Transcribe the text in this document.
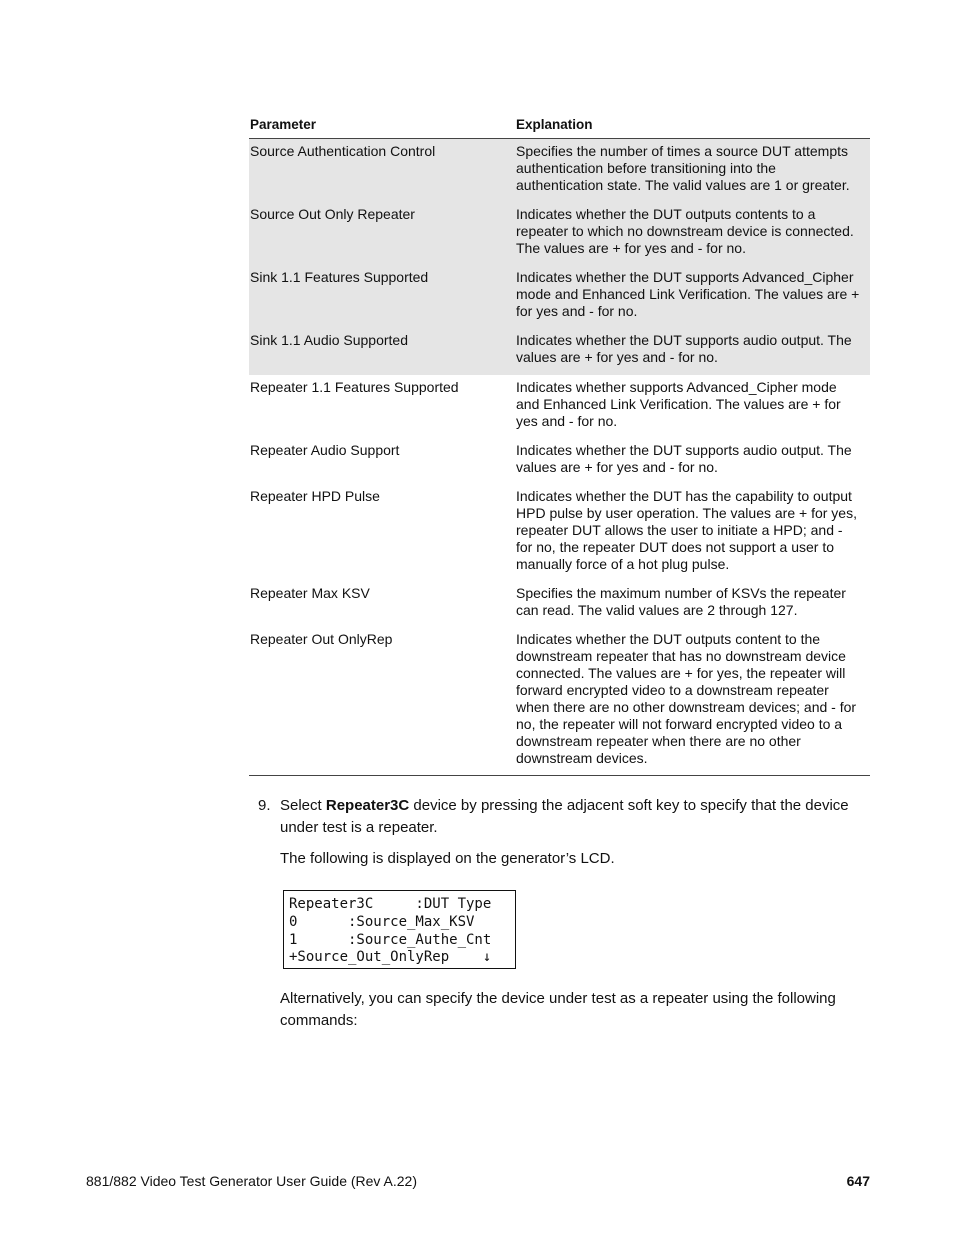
Parameter	Explanation
Source Authentication Control	Specifies the number of times a source DUT attempts authentication before transitioning into the authentication state. The valid values are 1 or greater.
Source Out Only Repeater	Indicates whether the DUT outputs contents to a repeater to which no downstream device is connected. The values are + for yes and - for no.
Sink 1.1 Features Supported	Indicates whether the DUT supports Advanced_Cipher mode and Enhanced Link Verification. The values are + for yes and - for no.
Sink 1.1 Audio Supported	Indicates whether the DUT supports audio output. The values are + for yes and - for no.
Repeater 1.1 Features Supported	Indicates whether supports Advanced_Cipher mode and Enhanced Link Verification. The values are + for yes and - for no.
Repeater Audio Support	Indicates whether the DUT supports audio output. The values are + for yes and - for no.
Repeater HPD Pulse	Indicates whether the DUT has the capability to output HPD pulse by user operation. The values are + for yes, repeater DUT allows the user to initiate a HPD; and - for no, the repeater DUT does not support a user to manually force of a hot plug pulse.
Repeater Max KSV	Specifies the maximum number of KSVs the repeater can read. The valid values are 2 through 127.
Repeater Out OnlyRep	Indicates whether the DUT outputs content to the downstream repeater that has no downstream device connected. The values are + for yes, the repeater will forward encrypted video to a downstream repeater when there are no other downstream devices; and - for no, the repeater will not forward encrypted video to a downstream repeater when there are no other downstream devices.
9. Select Repeater3C device by pressing the adjacent soft key to specify that the device under test is a repeater.

The following is displayed on the generator’s LCD.

Repeater3C     :DUT Type
0      :Source_Max_KSV
1      :Source_Authe_Cnt
+Source_Out_OnlyRep    ↓

Alternatively, you can specify the device under test as a repeater using the following commands:

881/882 Video Test Generator User Guide (Rev A.22)	647
